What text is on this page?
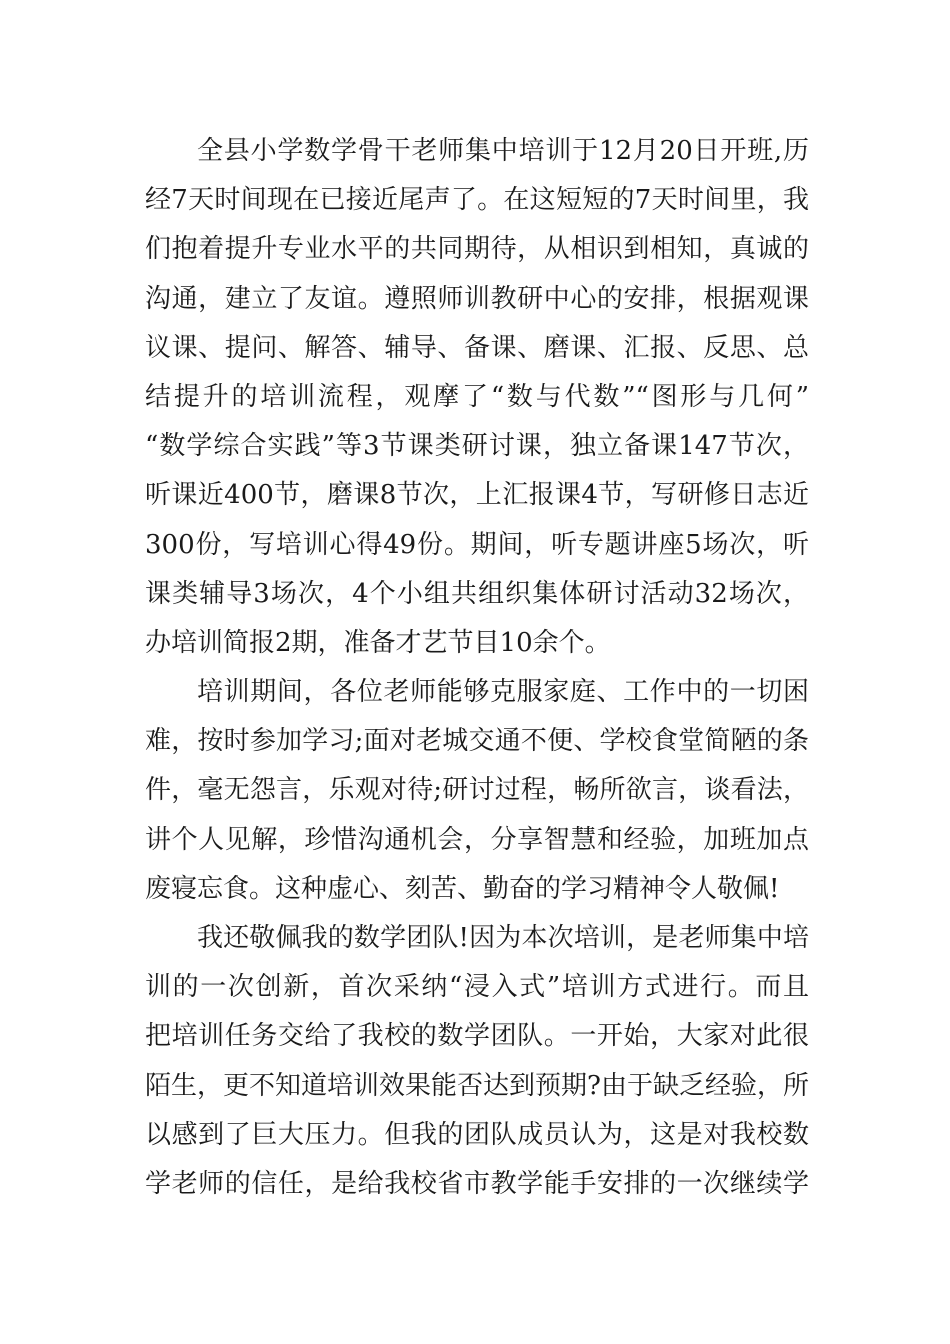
全县小学数学骨干老师集中培训于12月20日开班,历
经7天时间现在已接近尾声了。在这短短的7天时间里，我
们抱着提升专业水平的共同期待，从相识到相知，真诚的
沟通，建立了友谊。遵照师训教研中心的安排，根据观课
议课、提问、解答、辅导、备课、磨课、汇报、反思、总
结提升的培训流程，观摩了“数与代数”“图形与几何”
“数学综合实践”等3节课类研讨课，独立备课147节次，
听课近400节，磨课8节次，上汇报课4节，写研修日志近
300份，写培训心得49份。期间，听专题讲座5场次，听
课类辅导3场次，4个小组共组织集体研讨活动32场次，
办培训简报2期，准备才艺节目10余个。
培训期间，各位老师能够克服家庭、工作中的一切困
难，按时参加学习;面对老城交通不便、学校食堂简陋的条
件，毫无怨言，乐观对待;研讨过程，畅所欲言，谈看法，
讲个人见解，珍惜沟通机会，分享智慧和经验，加班加点
废寝忘食。这种虚心、刻苦、勤奋的学习精神令人敬佩!
我还敬佩我的数学团队!因为本次培训，是老师集中培
训的一次创新，首次采纳“浸入式”培训方式进行。而且
把培训任务交给了我校的数学团队。一开始，大家对此很
陌生，更不知道培训效果能否达到预期?由于缺乏经验，所
以感到了巨大压力。但我的团队成员认为，这是对我校数
学老师的信任，是给我校省市教学能手安排的一次继续学
